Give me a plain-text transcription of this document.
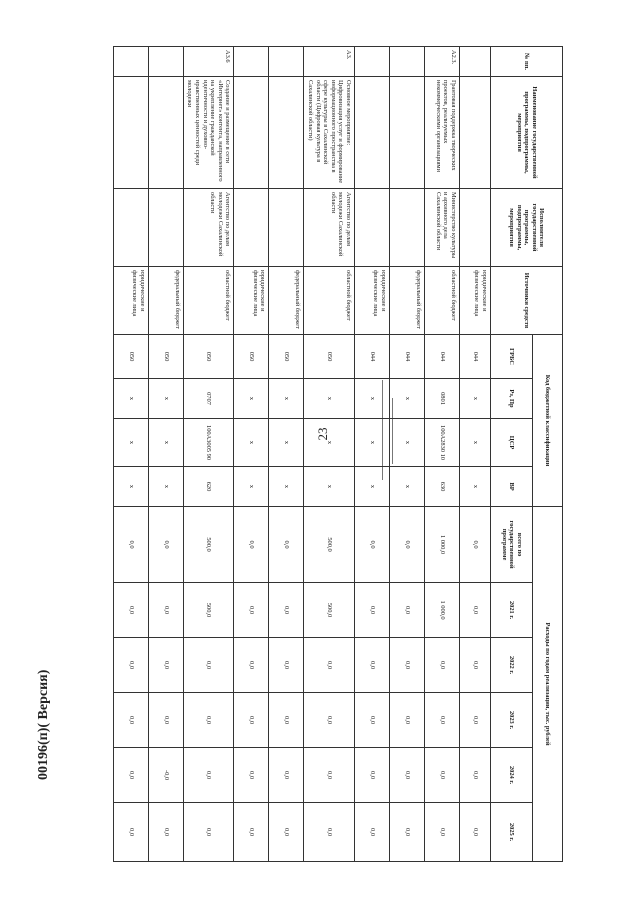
23
№ пп.	Наименование государственной программы, подпрограммы, мероприятия	Исполнители государственной программы, подпрограммы, мероприятия	Источники средств	Код бюджетной классификации				Расходы по годам реализации, тыс. рублей					
				ГРБС	Рз, Пр	ЦСР	ВР	всего по государственной программе	2021 г.	2022 г.	2023 г.	2024 г.	2025 г.
			юридические и физические лица	044	х	х	х	0,0	0,0	0,0	0,0	0,0	0,0
А2.3.	Грантовая поддержка творческих проектов, реализуемых некоммерческими организациями	Министерство культуры и архивного дела Сахалинской области	областной бюджет	044	0801	100А2830 10	630	1 000,0	1 000,0	0,0	0,0	0,0	0,0
			федеральный бюджет	044	х	х	х	0,0	0,0	0,0	0,0	0,0	0,0
			юридические и физические лица	044	х	х	х	0,0	0,0	0,0	0,0	0,0	0,0
А3.	Основное мероприятие: Цифровизация услуг и формирование информационного пространства в сфере культуры в Сахалинской области (Цифровая культура в Сахалинской области)	Агентство по делам молодежи Сахалинской области	областной бюджет	050	х	х	х	500,0	500,0	0,0	0,0	0,0	0,0
			федеральный бюджет	050	х	х	х	0,0	0,0	0,0	0,0	0,0	0,0
			юридические и физические лица	050	х	х	х	0,0	0,0	0,0	0,0	0,0	0,0
А3.6	Создание и размещение в сети «Интернет» контента, направленного на укрепление гражданской идентичности и духовно-нравственных ценностей среди молодежи	Агентство по делам молодежи Сахалинской области	областной бюджет	050	0707	100А3005 90	620	500,0	500,0	0,0	0,0	0,0	0,0
			федеральный бюджет	050	х	х	х	0,0	0,0	0,0	0,0	-0,0	0,0
			юридические и физические лица	050	х	х	х	0,0	0,0	0,0	0,0	0,0	0,0
00196(п)( Версия)
